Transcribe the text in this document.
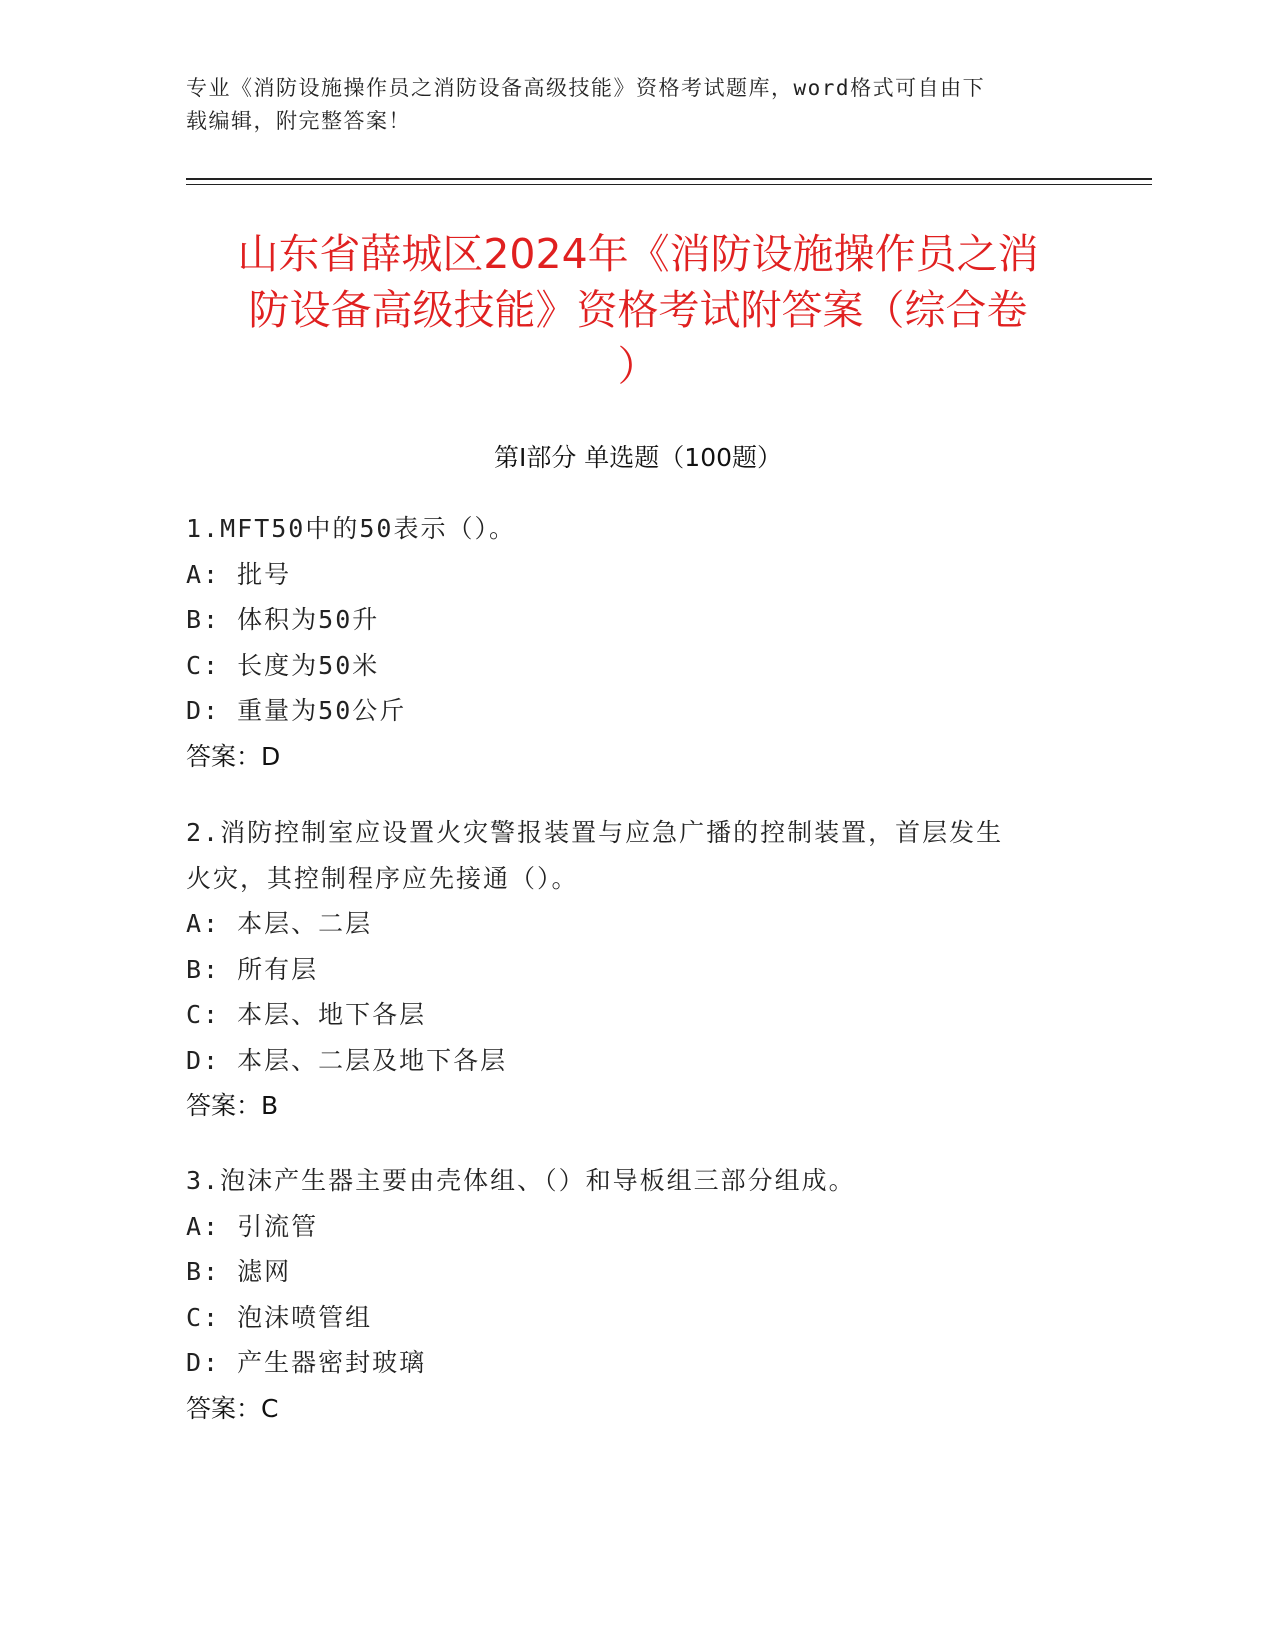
专业《消防设施操作员之消防设备高级技能》资格考试题库，word格式可自由下
载编辑，附完整答案！
山东省薛城区2024年《消防设施操作员之消
防设备高级技能》资格考试附答案（综合卷
）
第Ⅰ部分 单选题（100题）
1.MFT50中的50表示（）。
A: 批号
B: 体积为50升
C: 长度为50米
D: 重量为50公斤
答案：D
2.消防控制室应设置火灾警报装置与应急广播的控制装置，首层发生
火灾，其控制程序应先接通（）。
A: 本层、二层
B: 所有层
C: 本层、地下各层
D: 本层、二层及地下各层
答案：B
3.泡沫产生器主要由壳体组、（）和导板组三部分组成。
A: 引流管
B: 滤网
C: 泡沫喷管组
D: 产生器密封玻璃
答案：C
